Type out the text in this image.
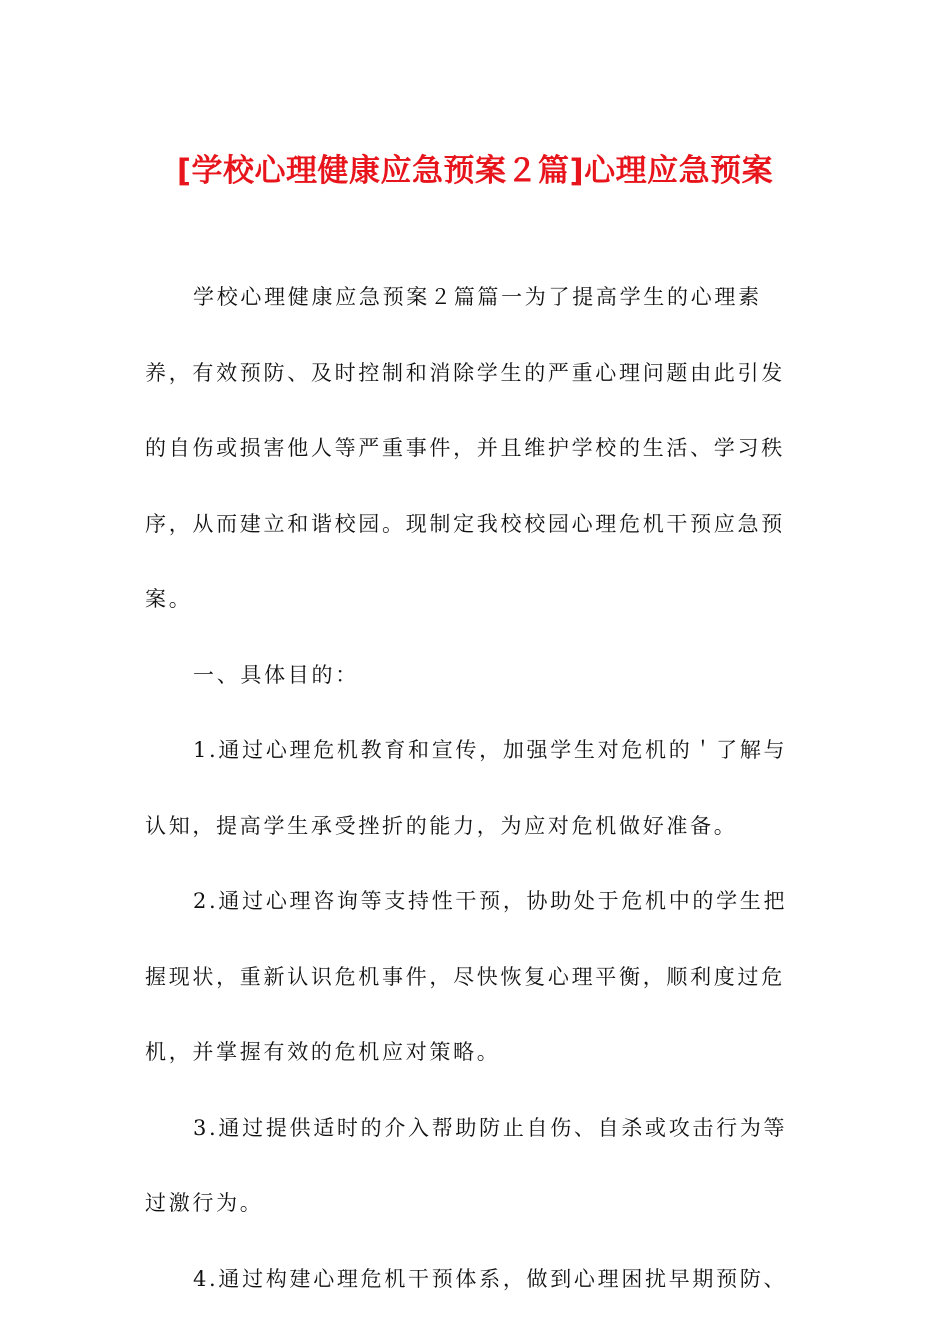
[学校心理健康应急预案２篇]心理应急预案

学校心理健康应急预案２篇篇一为了提高学生的心理素养，有效预防、及时控制和消除学生的严重心理问题由此引发的自伤或损害他人等严重事件，并且维护学校的生活、学习秩序，从而建立和谐校园。现制定我校校园心理危机干预应急预案。

一、具体目的：

1.通过心理危机教育和宣传，加强学生对危机的＇了解与认知，提高学生承受挫折的能力，为应对危机做好准备。

2.通过心理咨询等支持性干预，协助处于危机中的学生把握现状，重新认识危机事件，尽快恢复心理平衡，顺利度过危机，并掌握有效的危机应对策略。

3.通过提供适时的介入帮助防止自伤、自杀或攻击行为等过激行为。

4.通过构建心理危机干预体系，做到心理困扰早期预防、
